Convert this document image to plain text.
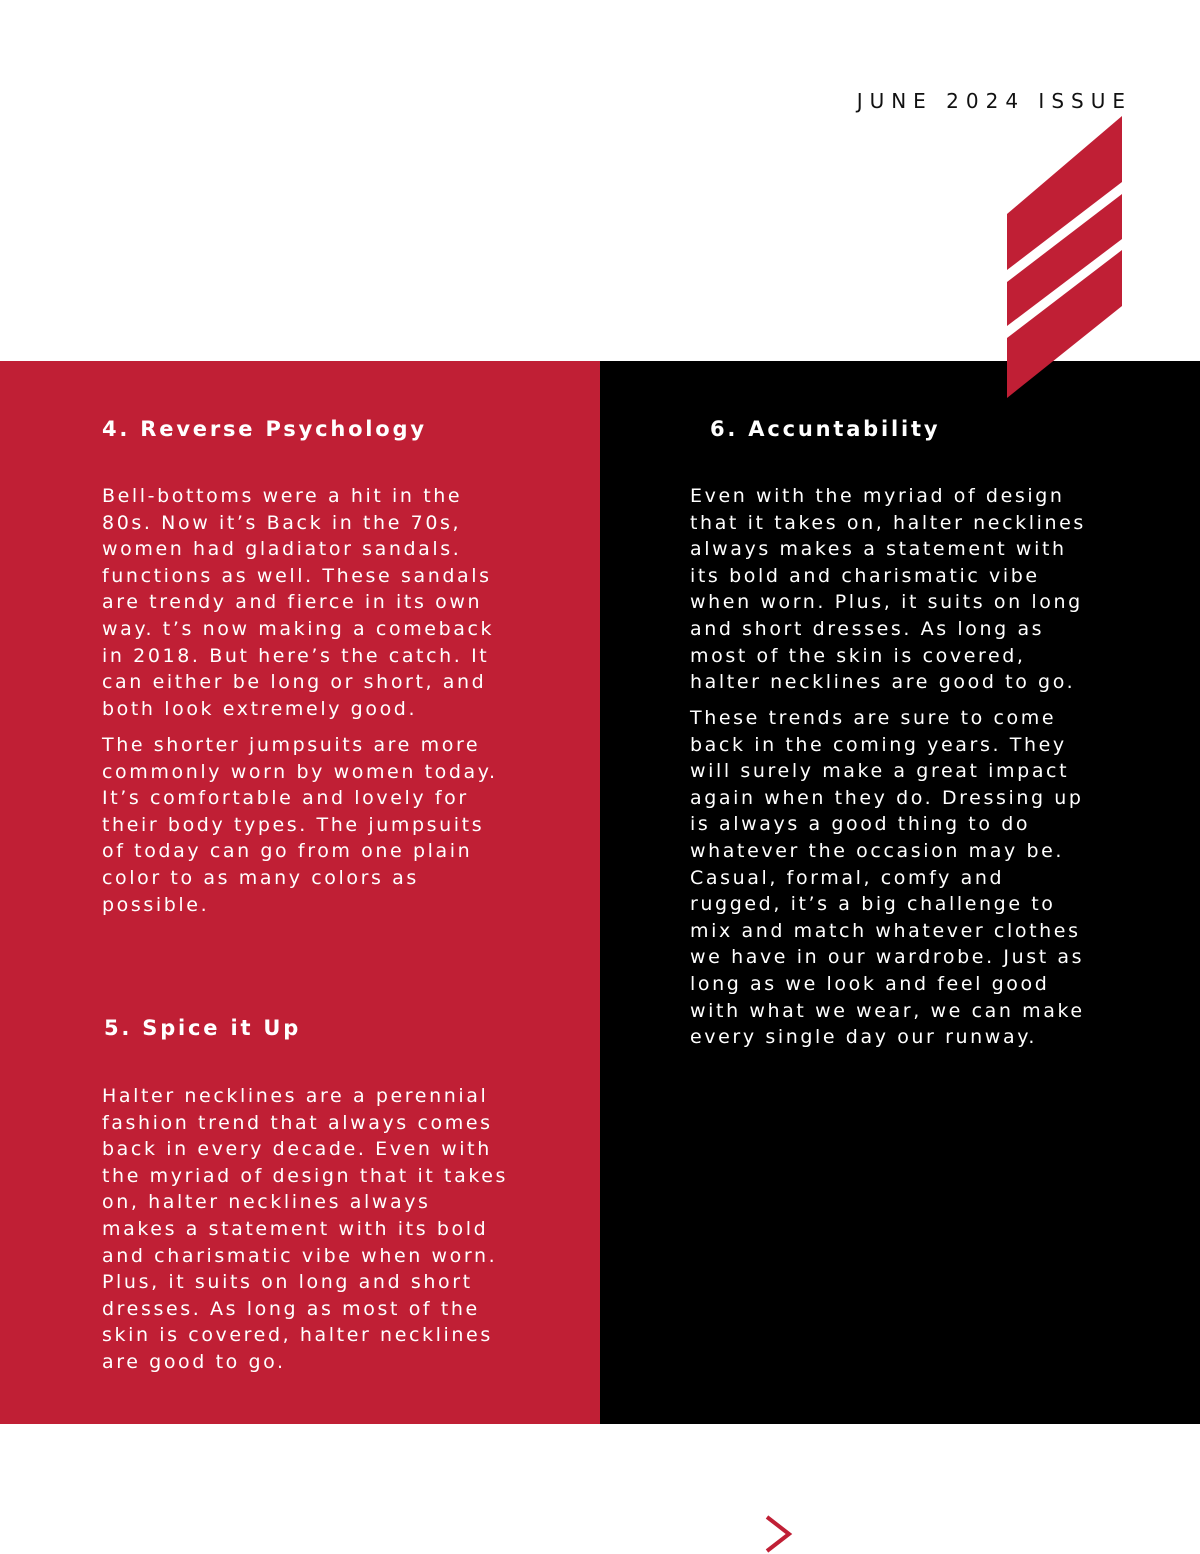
JUNE 2024 ISSUE
4. Reverse Psychology

Bell-bottoms were a hit in the
80s. Now it’s Back in the 70s,
women had gladiator sandals.
functions as well. These sandals
are trendy and fierce in its own
way. t’s now making a comeback
in 2018. But here’s the catch. It
can either be long or short, and
both look extremely good.

The shorter jumpsuits are more
commonly worn by women today.
It’s comfortable and lovely for
their body types. The jumpsuits
of today can go from one plain
color to as many colors as
possible.

5. Spice it Up

Halter necklines are a perennial
fashion trend that always comes
back in every decade. Even with
the myriad of design that it takes
on, halter necklines always
makes a statement with its bold
and charismatic vibe when worn.
Plus, it suits on long and short
dresses. As long as most of the
skin is covered, halter necklines
are good to go.

6. Accuntability

Even with the myriad of design
that it takes on, halter necklines
always makes a statement with
its bold and charismatic vibe
when worn. Plus, it suits on long
and short dresses. As long as
most of the skin is covered,
halter necklines are good to go.

These trends are sure to come
back in the coming years. They
will surely make a great impact
again when they do. Dressing up
is always a good thing to do
whatever the occasion may be.
Casual, formal, comfy and
rugged, it’s a big challenge to
mix and match whatever clothes
we have in our wardrobe. Just as
long as we look and feel good
with what we wear, we can make
every single day our runway.
